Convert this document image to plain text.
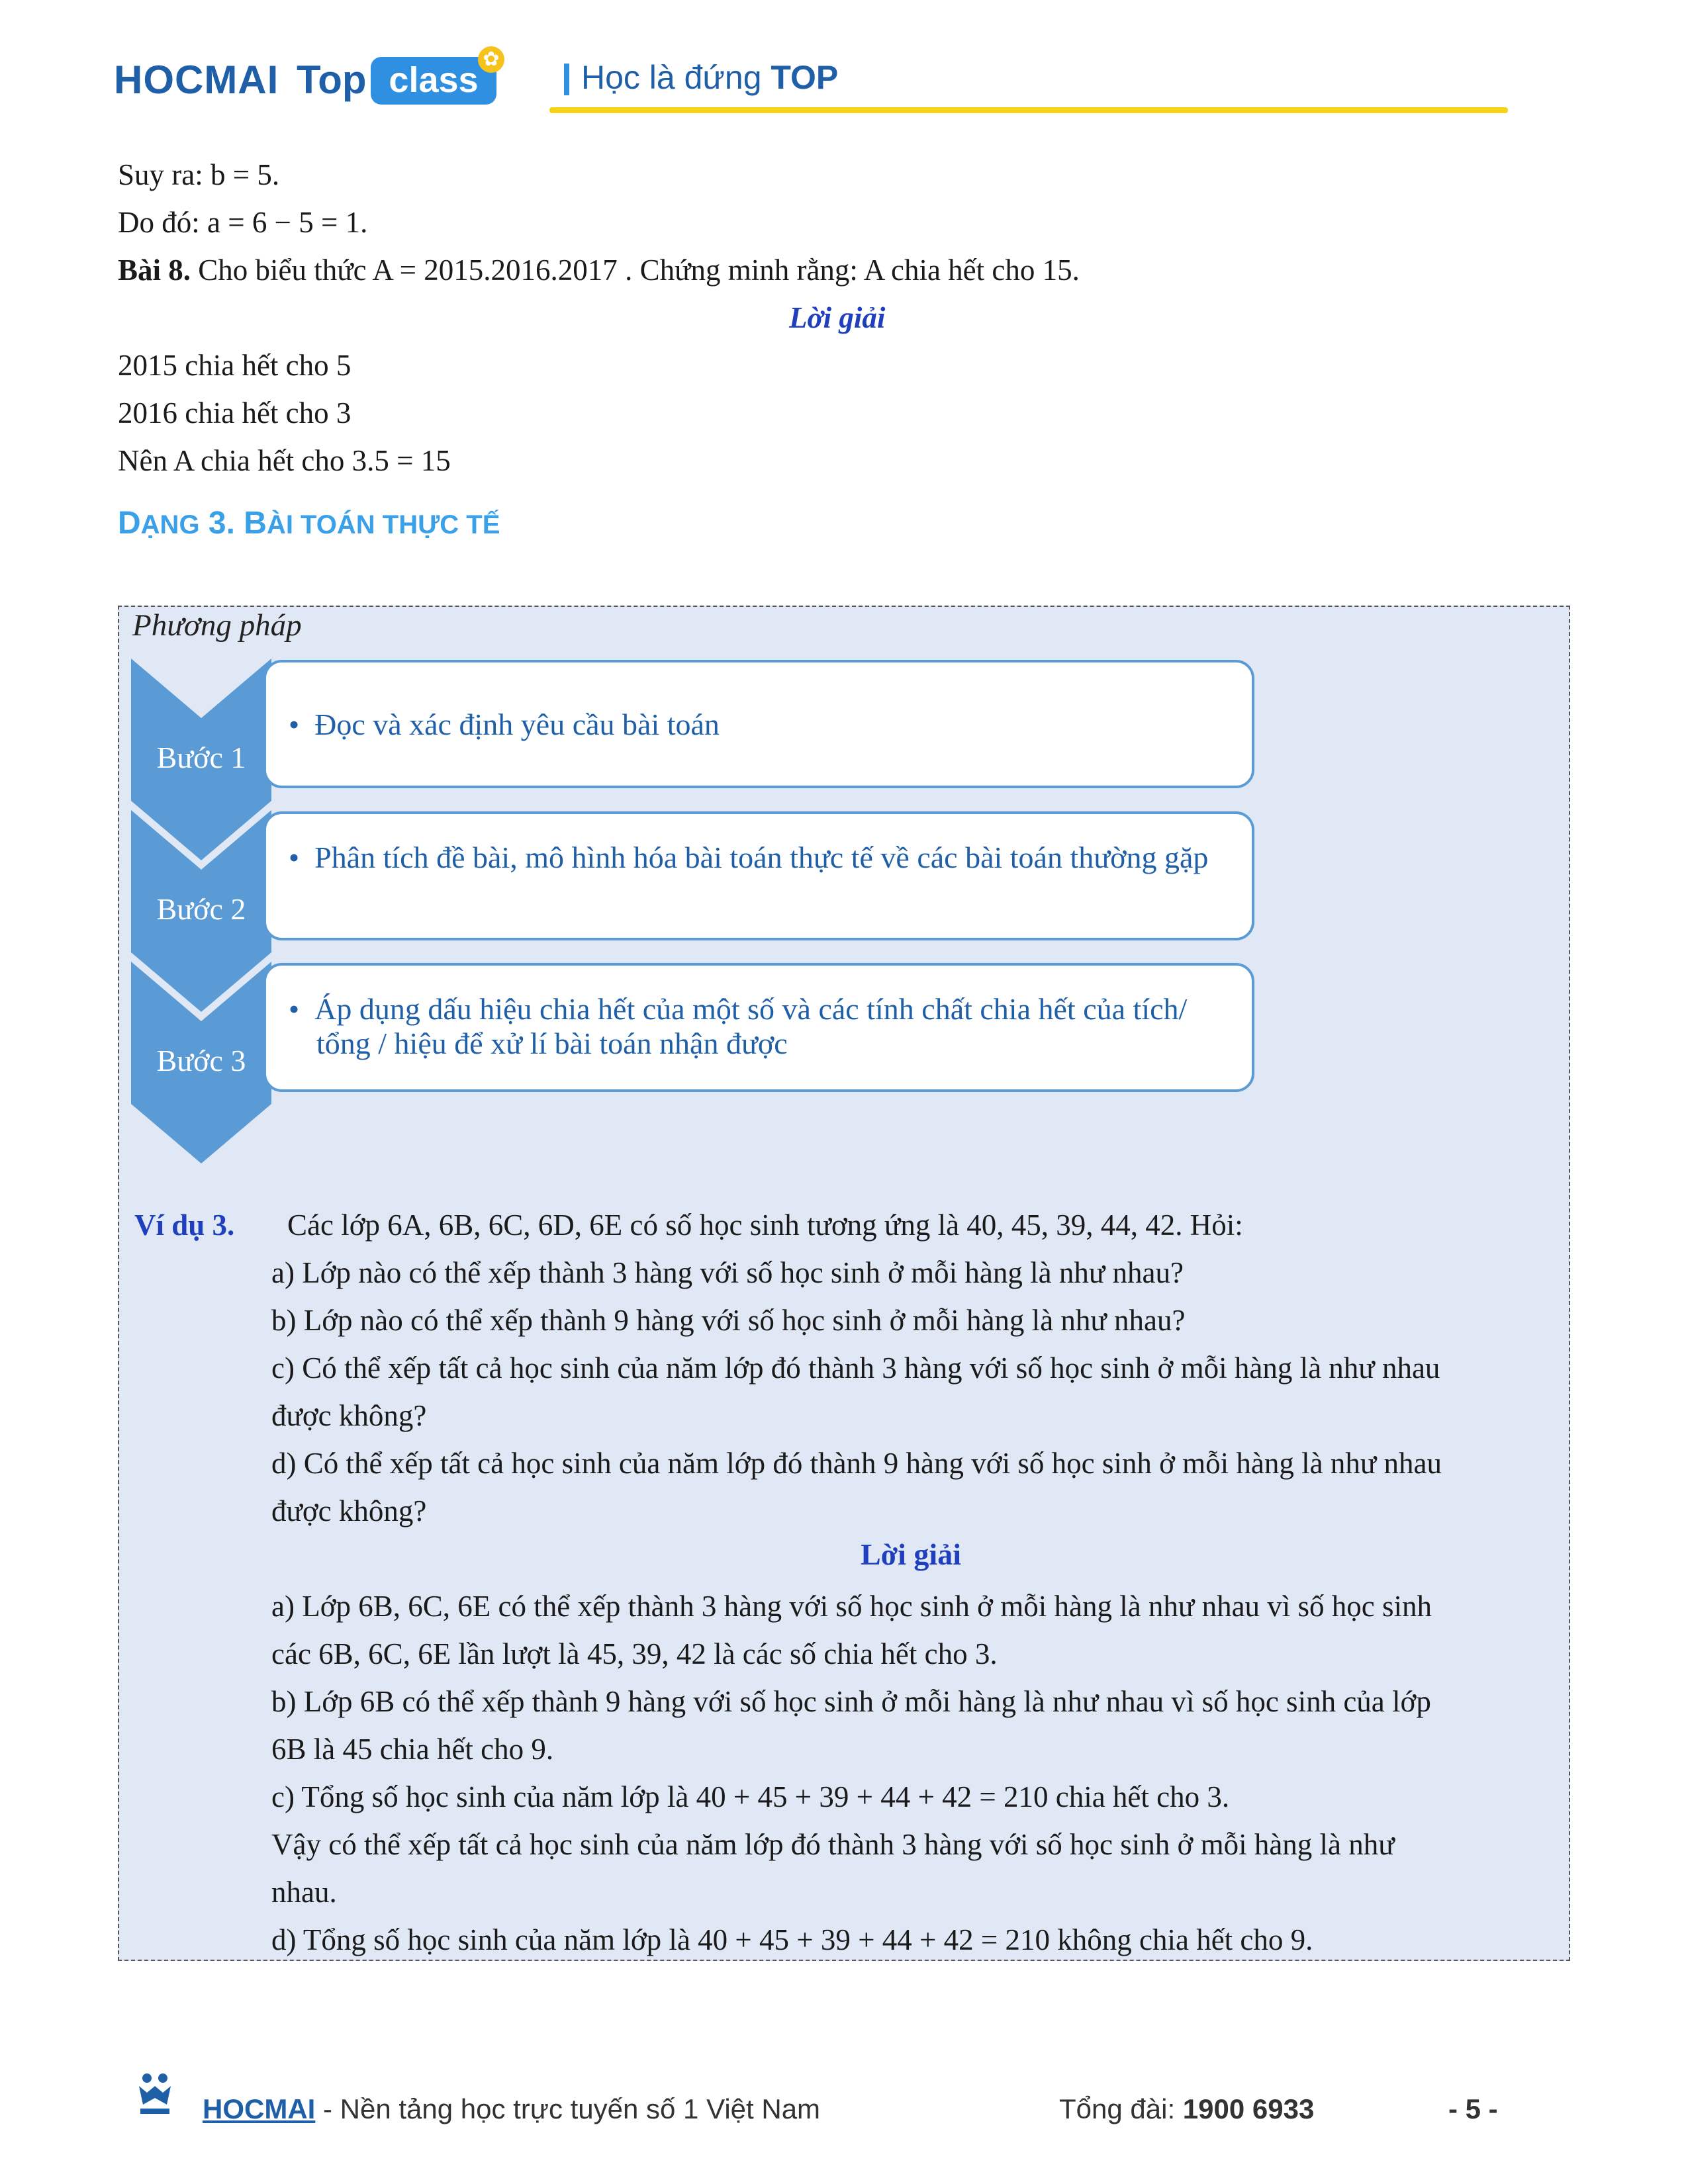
HOCMAI Top class
✿ Học là đứng TOP
Suy ra: b = 5.
Do đó: a = 6 − 5 = 1.
Bài 8. Cho biểu thức A = 2015.2016.2017 . Chứng minh rằng: A chia hết cho 15.
Lời giải
2015 chia hết cho 5
2016 chia hết cho 3
Nên A chia hết cho 3.5 = 15
DẠNG 3. BÀI TOÁN THỰC TẾ
Phương pháp
Bước 1
Bước 2
Bước 3
• Đọc và xác định yêu cầu bài toán
• Phân tích đề bài, mô hình hóa bài toán thực tế về các bài toán thường gặp
• Áp dụng dấu hiệu chia hết của một số và các tính chất chia hết của tích/ tổng / hiệu để xử lí bài toán nhận được
Ví dụ 3. Các lớp 6A, 6B, 6C, 6D, 6E có số học sinh tương ứng là 40, 45, 39, 44, 42. Hỏi:
a) Lớp nào có thể xếp thành 3 hàng với số học sinh ở mỗi hàng là như nhau?
b) Lớp nào có thể xếp thành 9 hàng với số học sinh ở mỗi hàng là như nhau?
c) Có thể xếp tất cả học sinh của năm lớp đó thành 3 hàng với số học sinh ở mỗi hàng là như nhau
được không?
d) Có thể xếp tất cả học sinh của năm lớp đó thành 9 hàng với số học sinh ở mỗi hàng là như nhau
được không?
Lời giải
a) Lớp 6B, 6C, 6E có thể xếp thành 3 hàng với số học sinh ở mỗi hàng là như nhau vì số học sinh
các 6B, 6C, 6E lần lượt là 45, 39, 42 là các số chia hết cho 3.
b) Lớp 6B có thể xếp thành 9 hàng với số học sinh ở mỗi hàng là như nhau vì số học sinh của lớp
6B là 45 chia hết cho 9.
c) Tổng số học sinh của năm lớp là 40 + 45 + 39 + 44 + 42 = 210 chia hết cho 3.
Vậy có thể xếp tất cả học sinh của năm lớp đó thành 3 hàng với số học sinh ở mỗi hàng là như
nhau.
d) Tổng số học sinh của năm lớp là 40 + 45 + 39 + 44 + 42 = 210 không chia hết cho 9.
HOCMAI - Nền tảng học trực tuyến số 1 Việt Nam	Tổng đài: 1900 6933	- 5 -
